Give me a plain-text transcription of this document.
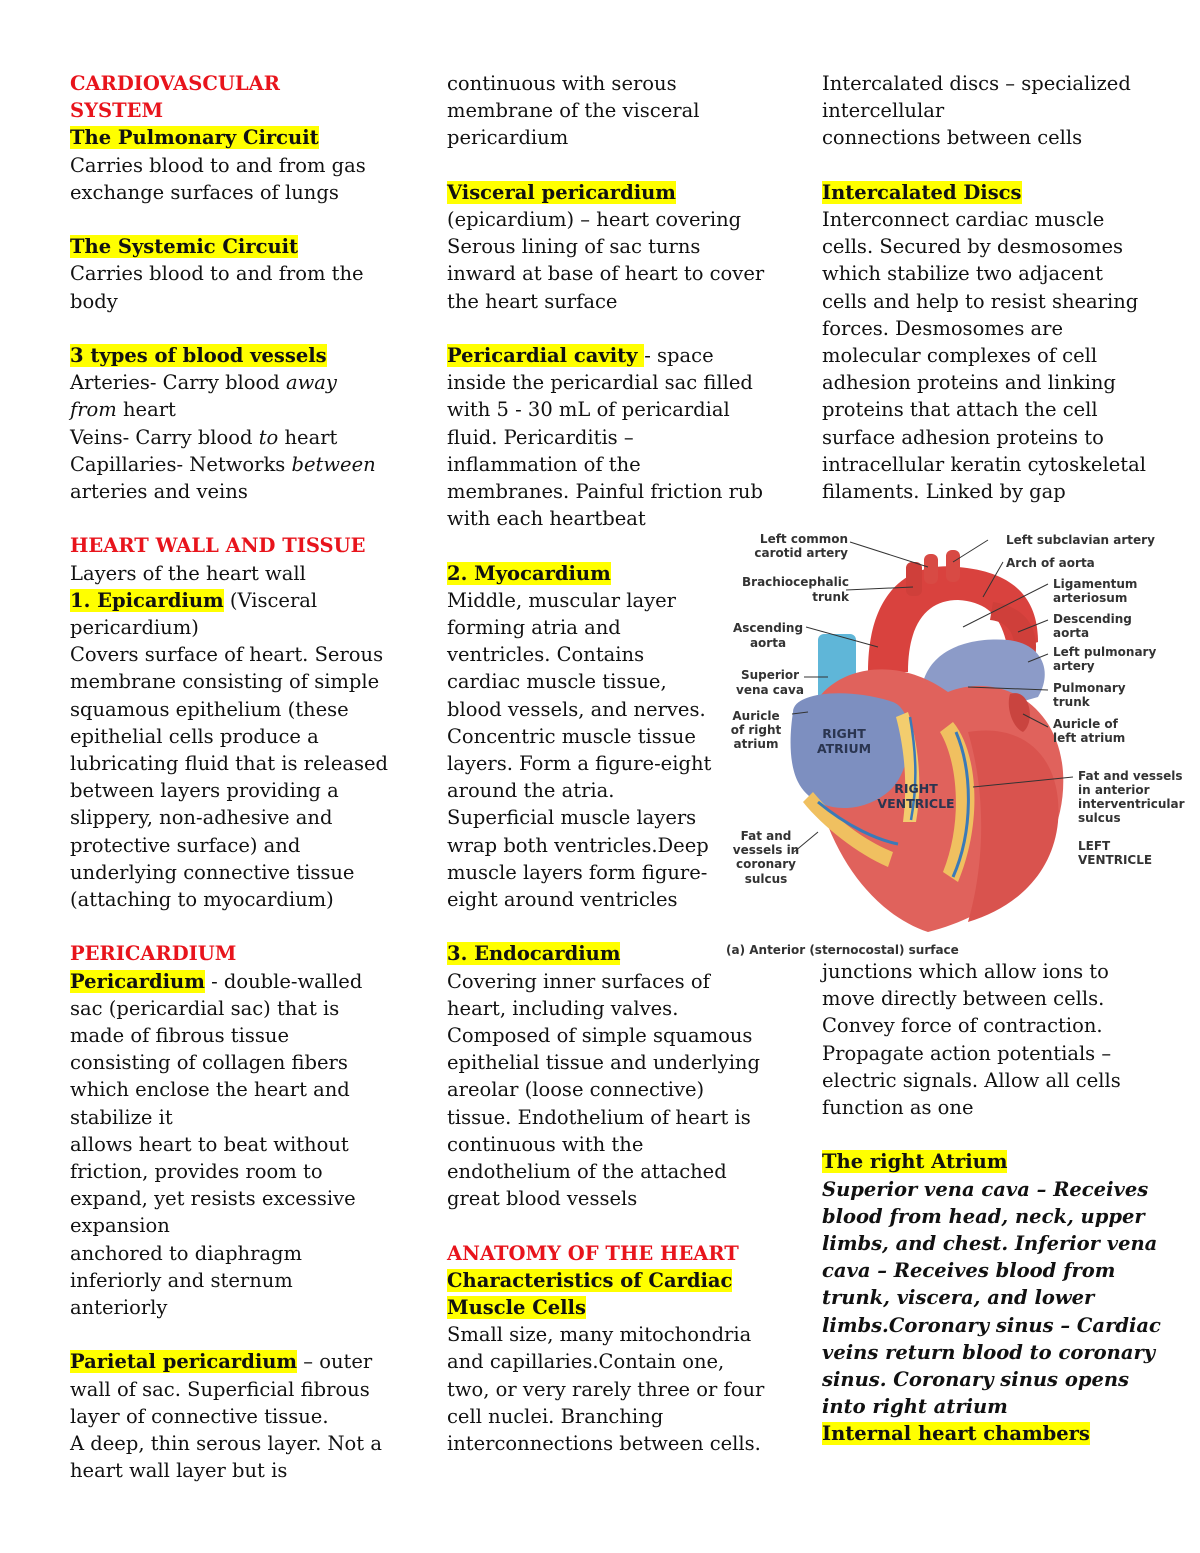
CARDIOVASCULAR
SYSTEM
The Pulmonary Circuit
Carries blood to and from gas
exchange surfaces of lungs
The Systemic Circuit
Carries blood to and from the
body
3 types of blood vessels
Arteries- Carry blood away
from heart
Veins- Carry blood to heart
Capillaries- Networks between
arteries and veins
HEART WALL AND TISSUE
Layers of the heart wall
1. Epicardium (Visceral
pericardium)
Covers surface of heart. Serous
membrane consisting of simple
squamous epithelium (these
epithelial cells produce a
lubricating fluid that is released
between layers providing a
slippery, non-adhesive and
protective surface) and
underlying connective tissue
(attaching to myocardium)
PERICARDIUM
Pericardium - double-walled
sac (pericardial sac) that is
made of fibrous tissue
consisting of collagen fibers
which enclose the heart and
stabilize it
allows heart to beat without
friction, provides room to
expand, yet resists excessive
expansion
anchored to diaphragm
inferiorly and sternum
anteriorly
Parietal pericardium – outer
wall of sac. Superficial fibrous
layer of connective tissue.
A deep, thin serous layer. Not a
heart wall layer but is
continuous with serous
membrane of the visceral
pericardium
Visceral pericardium
(epicardium) – heart covering
Serous lining of sac turns
inward at base of heart to cover
the heart surface
Pericardial cavity - space
inside the pericardial sac filled
with 5 - 30 mL of pericardial
fluid. Pericarditis –
inflammation of the
membranes. Painful friction rub
with each heartbeat
2. Myocardium
Middle, muscular layer
forming atria and
ventricles. Contains
cardiac muscle tissue,
blood vessels, and nerves.
Concentric muscle tissue
layers. Form a figure-eight
around the atria.
Superficial muscle layers
wrap both ventricles.Deep
muscle layers form figure-
eight around ventricles
3. Endocardium
Covering inner surfaces of
heart, including valves.
Composed of simple squamous
epithelial tissue and underlying
areolar (loose connective)
tissue. Endothelium of heart is
continuous with the
endothelium of the attached
great blood vessels
ANATOMY OF THE HEART
Characteristics of Cardiac
Muscle Cells
Small size, many mitochondria
and capillaries.Contain one,
two, or very rarely three or four
cell nuclei. Branching
interconnections between cells.
Intercalated discs – specialized
intercellular
connections between cells
Intercalated Discs
Interconnect cardiac muscle
cells. Secured by desmosomes
which stabilize two adjacent
cells and help to resist shearing
forces. Desmosomes are
molecular complexes of cell
adhesion proteins and linking
proteins that attach the cell
surface adhesion proteins to
intracellular keratin cytoskeletal
filaments. Linked by gap
junctions which allow ions to
move directly between cells.
Convey force of contraction.
Propagate action potentials –
electric signals. Allow all cells
function as one
The right Atrium
Superior vena cava – Receives
blood from head, neck, upper
limbs, and chest. Inferior vena
cava – Receives blood from
trunk, viscera, and lower
limbs.Coronary sinus – Cardiac
veins return blood to coronary
sinus. Coronary sinus opens
into right atrium
Internal heart chambers
Left common carotid artery
Brachiocephalic trunk
Ascending aorta
Superior vena cava
Auricle of right atrium
Fat and vessels in coronary sulcus
Left subclavian artery
Arch of aorta
Ligamentum arteriosum
Descending aorta
Left pulmonary artery
Pulmonary trunk
Auricle of left atrium
Fat and vessels in anterior interventricular sulcus
LEFT VENTRICLE
RIGHT ATRIUM
RIGHT VENTRICLE
(a) Anterior (sternocostal) surface
